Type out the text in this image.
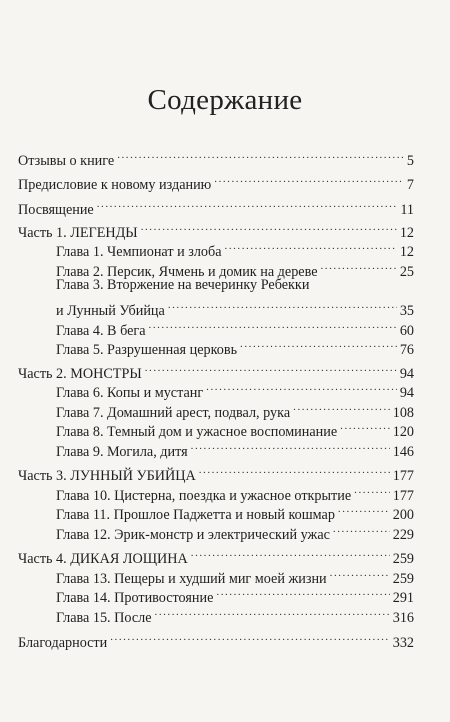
Содержание
Отзывы о книге . . .	5
Предисловие к новому изданию . . .	7
Посвящение . . .	11
Часть 1. ЛЕГЕНДЫ . . .	12
Глава 1. Чемпионат и злоба . . .	12
Глава 2. Персик, Ячмень и домик на дереве . . .	25
Глава 3. Вторжение на вечеринку Ребекки
и Лунный Убийца . . .	35
Глава 4. В бега . . .	60
Глава 5. Разрушенная церковь . . .	76
Часть 2. МОНСТРЫ . . .	94
Глава 6. Копы и мустанг . . .	94
Глава 7. Домашний арест, подвал, рука . . .	108
Глава 8. Темный дом и ужасное воспоминание . . .	120
Глава 9. Могила, дитя . . .	146
Часть 3. ЛУННЫЙ УБИЙЦА . . .	177
Глава 10. Цистерна, поездка и ужасное открытие . . .	177
Глава 11. Прошлое Паджетта и новый кошмар . . .	200
Глава 12. Эрик-монстр и электрический ужас . . .	229
Часть 4. ДИКАЯ ЛОЩИНА . . .	259
Глава 13. Пещеры и худший миг моей жизни . . .	259
Глава 14. Противостояние . . .	291
Глава 15. После . . .	316
Благодарности . . .	332
